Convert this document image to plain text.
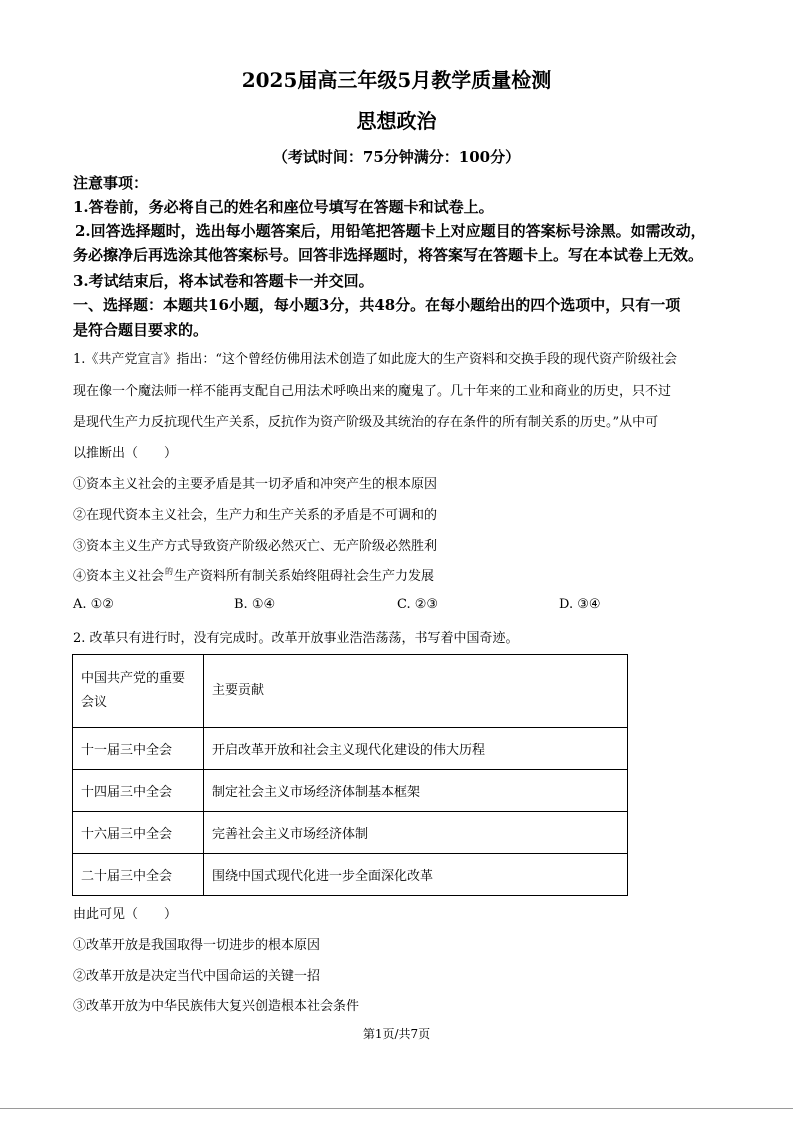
2025届高三年级5月教学质量检测
思想政治
（考试时间：75分钟满分：100分）
注意事项：
1.答卷前，务必将自己的姓名和座位号填写在答题卡和试卷上。
2.回答选择题时，选出每小题答案后，用铅笔把答题卡上对应题目的答案标号涂黑。如需改动，
务必擦净后再选涂其他答案标号。回答非选择题时，将答案写在答题卡上。写在本试卷上无效。
3.考试结束后，将本试卷和答题卡一并交回。
一、选择题：本题共16小题，每小题3分，共48分。在每小题给出的四个选项中，只有一项
是符合题目要求的。
1.《共产党宣言》指出：“这个曾经仿佛用法术创造了如此庞大的生产资料和交换手段的现代资产阶级社会
现在像一个魔法师一样不能再支配自己用法术呼唤出来的魔鬼了。几十年来的工业和商业的历史，只不过
是现代生产力反抗现代生产关系，反抗作为资产阶级及其统治的存在条件的所有制关系的历史。”从中可
以推断出（　　）
①资本主义社会的主要矛盾是其一切矛盾和冲突产生的根本原因
②在现代资本主义社会，生产力和生产关系的矛盾是不可调和的
③资本主义生产方式导致资产阶级必然灭亡、无产阶级必然胜利
④资本主义社会的生产资料所有制关系始终阻碍社会生产力发展
A. ①②	B. ①④	C. ②③	D. ③④
2. 改革只有进行时，没有完成时。改革开放事业浩浩荡荡，书写着中国奇迹。
中国共产党的重要
会议	主要贡献
十一届三中全会	开启改革开放和社会主义现代化建设的伟大历程
十四届三中全会	制定社会主义市场经济体制基本框架
十六届三中全会	完善社会主义市场经济体制
二十届三中全会	围绕中国式现代化进一步全面深化改革
由此可见（　　）
①改革开放是我国取得一切进步的根本原因
②改革开放是决定当代中国命运的关键一招
③改革开放为中华民族伟大复兴创造根本社会条件
第1页/共7页
